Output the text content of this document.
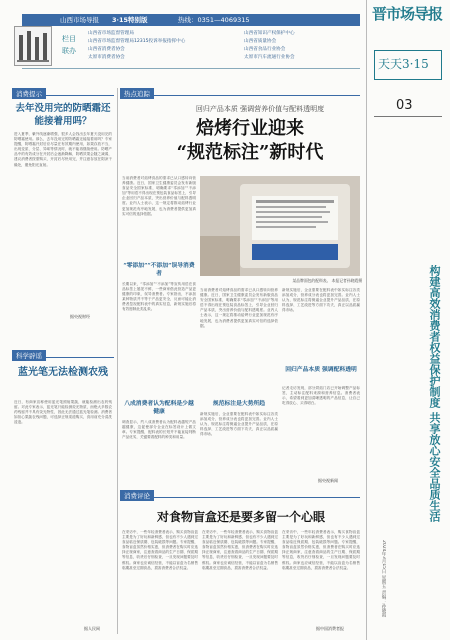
山西市场导报 3·15特别版	热线：0351—4069315
栏目
联办
山西省市场监督管理局
山西省市场监督管理局12315投诉举报指挥中心
山西省消费者协会
太原市消费者协会
山西省知识产权保护中心
山西省质量协会
山西省食品行业协会
太原市汽车流通行业协会
晋市场导报
天天3·15
03
构建高效消费者权益保护制度 共享放心安全品质生活
2024年3月15日 星期五 责编：孙晓霞
消费提示
去年没用完的防晒霜还能接着用吗？
进入夏季，紫外线逐渐增强，很多人会找出去年夏天没用完的防晒霜使用。那么，去年没用完的防晒霜还能接着用吗？专家提醒，防晒霜开封后应尽量在有效期内使用，如果存放不当，出现变质、分层、异味等情况时，就不能再继续使用。防晒产品中的有效成分在开封后会逐渐降解，防晒效果会随之减弱，建议消费者按需购买，开封后尽快用完，并注意存放在阴凉干燥处，避免阳光直射。
据央视财经
科学辟谣
蓝光笔无法检测农残
近日，有商家宣称使用蓝光笔照射果蔬，就能检测出农药残留。对此专家表示，蓝光笔只能检测荧光物质，而绝大多数农药残留并不具有荧光特性，因此无法通过蓝光笔检测。消费者如担心果蔬农残问题，可选择正规渠道购买，食用前充分清洗浸泡。
据人民网
热点追踪
回归产品本质 强调营养价值与配料透明度
焙烤行业迎来
“规范标注”新时代
当前消费者对焙烤食品的需求已从口感转向营养健康。近日，国家卫生健康委员会发布新版食品安全国家标准，明确要求“零添加”“不添加”等用语不得出现在预包装食品标签上，引导企业回归产品本质，突出营养价值与配料透明度。业内人士表示，这一规定将推动焙烤行业更加规范有序地发展，也为消费者提供更加真实可信的选择依据。
“零添加”“不添加”误导消费者
长期以来，“零添加”“不添加”等宣传用语在食品标签上屡见不鲜，一些商家借此营造产品更健康的印象，误导消费者。专家指出，不添加某种物质并不等于产品更安全，反而可能让消费者忽视配料表中的真实信息，新规实施后将有效遏制此类乱象。
八成消费者认为配料是少越健康
调查显示，约八成消费者认为配料表越短产品越健康，这促使部分企业在标签设计上做文章。专家提醒，配料表的长短并不能直接判断产品优劣，关键要看配料的种类和用量。
某品牌面包的配料表。 本报记者孙晓霞摄
当前消费者对焙烤食品的需求已从口感转向营养健康。近日，国家卫生健康委员会发布新版食品安全国家标准，明确要求“零添加”“不添加”等用语不得出现在预包装食品标签上，引导企业回归产品本质，突出营养价值与配料透明度。业内人士表示，这一规定将推动焙烤行业更加规范有序地发展，也为消费者提供更加真实可信的选择依据。
规范标注是大势所趋
新规实施后，企业需要在配料表中如实标注各类添加成分，营养成分表也将更加完善。业内人士认为，规范标注将倒逼企业提升产品品质，在原料选择、工艺改进等方面下功夫，真正以品质赢得市场。
新规实施后，企业需要在配料表中如实标注各类添加成分，营养成分表也将更加完善。业内人士认为，规范标注将倒逼企业提升产品品质，在原料选择、工艺改进等方面下功夫，真正以品质赢得市场。
回归产品本质 强调配料透明
记者走访发现，部分烘焙门店已开始调整产品标签，主动标注配料来源和营养信息。消费者表示，希望看到更加清晰透明的产品信息，让自己吃得放心、买得明白。
据央视新闻
消费评论
对食物盲盒还是要多留一个心眼
在采访中，一些年轻消费者表示，购买食物盲盒主要是为了好玩和新鲜感，但也有不少人遇到过食品临近保质期、包装破损等问题。专家提醒，食物盲盒虽然价格实惠，但消费者在购买时应选择正规商家，注意查看商品的生产日期、保质期等信息，收货后仔细检查，一旦发现问题要及时维权。商家也应诚信经营，不能以盲盒为名销售临期甚至过期食品，损害消费者合法权益。
在采访中，一些年轻消费者表示，购买食物盲盒主要是为了好玩和新鲜感，但也有不少人遇到过食品临近保质期、包装破损等问题。专家提醒，食物盲盒虽然价格实惠，但消费者在购买时应选择正规商家，注意查看商品的生产日期、保质期等信息，收货后仔细检查，一旦发现问题要及时维权。商家也应诚信经营，不能以盲盒为名销售临期甚至过期食品，损害消费者合法权益。
在采访中，一些年轻消费者表示，购买食物盲盒主要是为了好玩和新鲜感，但也有不少人遇到过食品临近保质期、包装破损等问题。专家提醒，食物盲盒虽然价格实惠，但消费者在购买时应选择正规商家，注意查看商品的生产日期、保质期等信息，收货后仔细检查，一旦发现问题要及时维权。商家也应诚信经营，不能以盲盒为名销售临期甚至过期食品，损害消费者合法权益。
据中国消费者报
